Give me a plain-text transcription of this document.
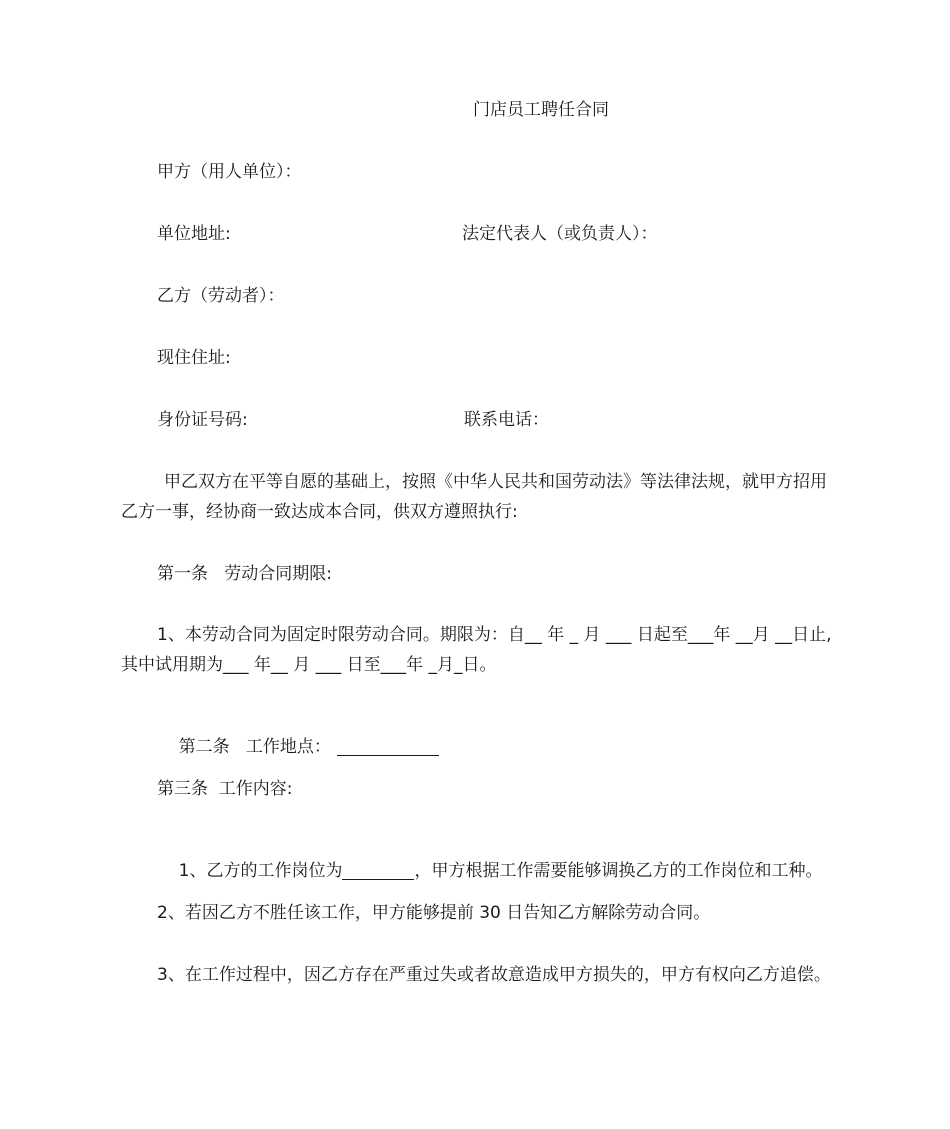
门店员工聘任合同
甲方（用人单位）：
单位地址:	法定代表人（或负责人）：
乙方（劳动者）：
现住住址:
身份证号码:	联系电话：
甲乙双方在平等自愿的基础上，按照《中华人民共和国劳动法》等法律法规，就甲方招用乙方一事，经协商一致达成本合同，供双方遵照执行:
第一条   劳动合同期限:
1、本劳动合同为固定时限劳动合同。期限为：自__ 年 _ 月 ___ 日起至___年 __月 __日止,其中试用期为___ 年__ 月 ___ 日至___年 _月_日。

第二条   工作地点：

第三条  工作内容:

1、乙方的工作岗位为	，甲方根据工作需要能够调换乙方的工作岗位和工种。

2、若因乙方不胜任该工作，甲方能够提前 30 日告知乙方解除劳动合同。
3、在工作过程中，因乙方存在严重过失或者故意造成甲方损失的，甲方有权向乙方追偿。
